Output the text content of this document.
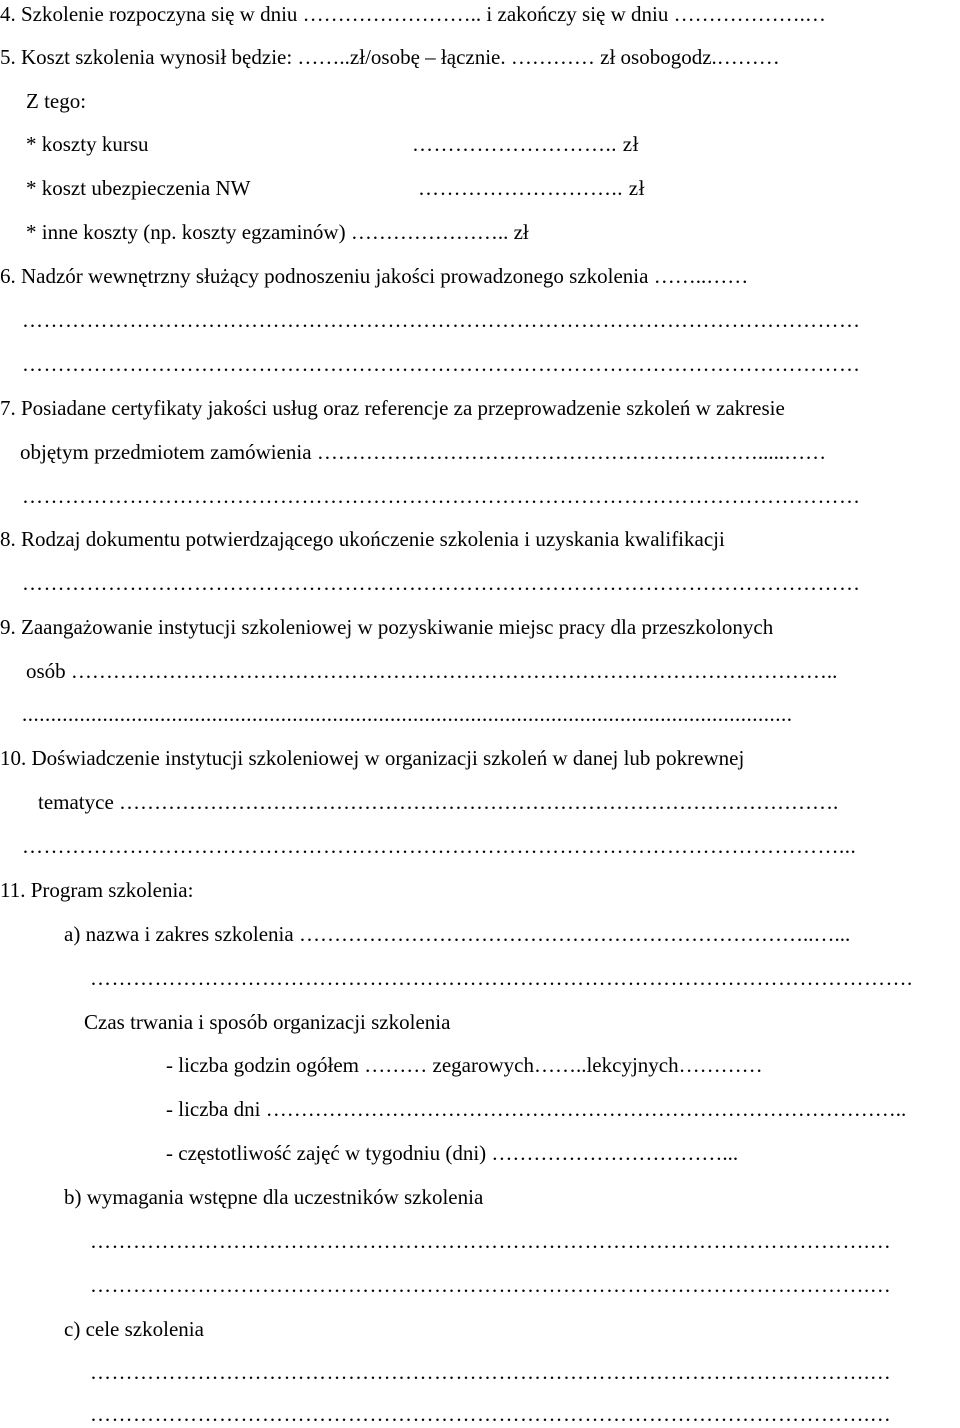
4. Szkolenie rozpoczyna się w dniu …………………….. i zakończy się w dniu ……………….…
5. Koszt szkolenia wynosił będzie: ……..zł/osobę – łącznie. ………… zł osobogodz.………
Z tego:
* koszty kursu	……………………….. zł
* koszt ubezpieczenia NW	……………………….. zł
* inne koszty (np. koszty egzaminów) ………………….. zł
6. Nadzór wewnętrzny służący podnoszeniu jakości prowadzonego szkolenia ……..……
………………………………………………………………………………………………………
………………………………………………………………………………………………………
7. Posiadane certyfikaty jakości usług oraz referencje za przeprowadzenie szkoleń w zakresie
objętym przedmiotem zamówienia ……………………………………………………….....……
………………………………………………………………………………………………………
8. Rodzaj dokumentu potwierdzającego ukończenie szkolenia i uzyskania kwalifikacji
………………………………………………………………………………………………………
9. Zaangażowanie instytucji szkoleniowej w pozyskiwanie miejsc pracy dla przeszkolonych
osób ………………………………………………………………………………………………..
......................................................................................................................................
10. Doświadczenie instytucji szkoleniowej w organizacji szkoleń w danej lub pokrewnej
tematyce ………………………………………………………………………………………….
……………………………………………………………………………………………………...
11. Program szkolenia:
a) nazwa i zakres szkolenia ………………………………………………………………..…...
…………………………………………………………………………………………………….
Czas trwania i sposób organizacji szkolenia
- liczba godzin ogółem ……… zegarowych……..lekcyjnych…………
- liczba dni ………………………………………………………………………………..
- częstotliwość zajęć w tygodniu (dni) ……………………………...
b) wymagania wstępne dla uczestników szkolenia
……………………………………………………………………………………………….…
……………………………………………………………………………………………….…
c) cele szkolenia
……………………………………………………………………………………………….…
……………………………………………………………………………………………….…
